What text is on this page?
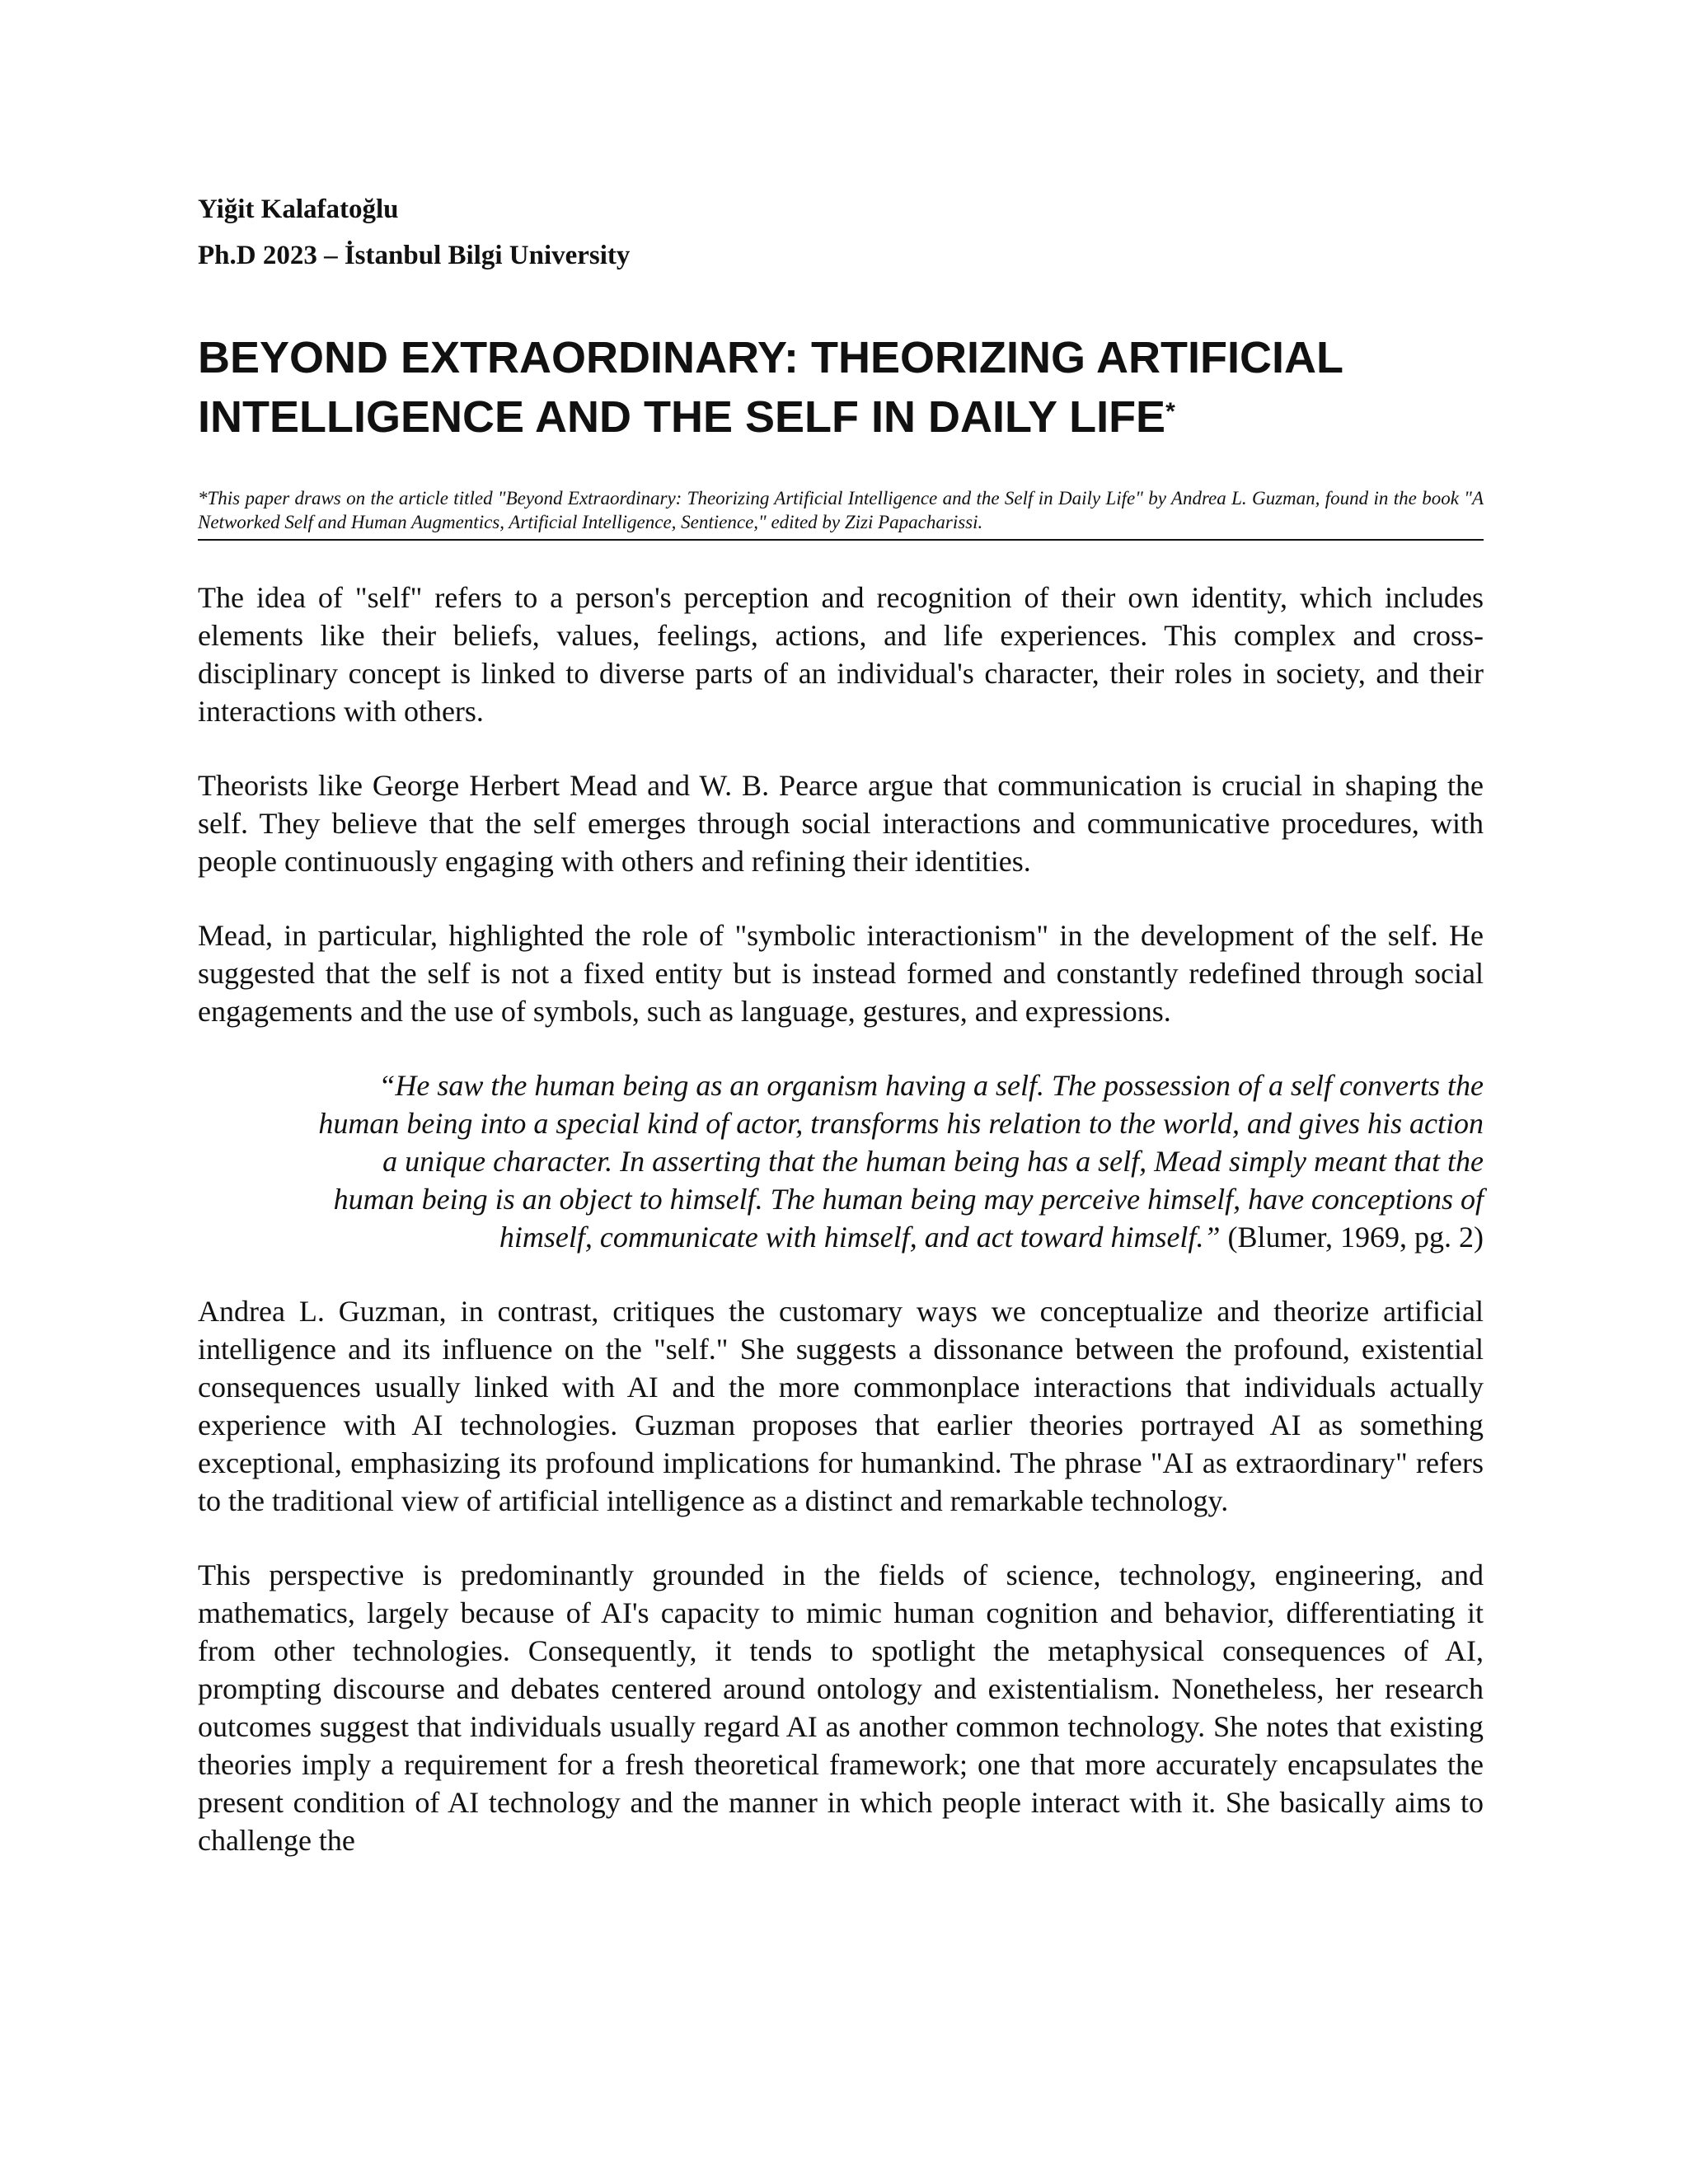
Yiğit Kalafatoğlu

Ph.D 2023 – İstanbul Bilgi University

BEYOND EXTRAORDINARY: THEORIZING ARTIFICIAL INTELLIGENCE AND THE SELF IN DAILY LIFE*

*This paper draws on the article titled "Beyond Extraordinary: Theorizing Artificial Intelligence and the Self in Daily Life" by Andrea L. Guzman, found in the book "A Networked Self and Human Augmentics, Artificial Intelligence, Sentience," edited by Zizi Papacharissi.

The idea of "self" refers to a person's perception and recognition of their own identity, which includes elements like their beliefs, values, feelings, actions, and life experiences. This complex and cross-disciplinary concept is linked to diverse parts of an individual's character, their roles in society, and their interactions with others.

Theorists like George Herbert Mead and W. B. Pearce argue that communication is crucial in shaping the self. They believe that the self emerges through social interactions and communicative procedures, with people continuously engaging with others and refining their identities.

Mead, in particular, highlighted the role of "symbolic interactionism" in the development of the self. He suggested that the self is not a fixed entity but is instead formed and constantly redefined through social engagements and the use of symbols, such as language, gestures, and expressions.

“He saw the human being as an organism having a self. The possession of a self converts the human being into a special kind of actor, transforms his relation to the world, and gives his action a unique character. In asserting that the human being has a self, Mead simply meant that the human being is an object to himself. The human being may perceive himself, have conceptions of himself, communicate with himself, and act toward himself.” (Blumer, 1969, pg. 2)

Andrea L. Guzman, in contrast, critiques the customary ways we conceptualize and theorize artificial intelligence and its influence on the "self." She suggests a dissonance between the profound, existential consequences usually linked with AI and the more commonplace interactions that individuals actually experience with AI technologies. Guzman proposes that earlier theories portrayed AI as something exceptional, emphasizing its profound implications for humankind. The phrase "AI as extraordinary" refers to the traditional view of artificial intelligence as a distinct and remarkable technology.

This perspective is predominantly grounded in the fields of science, technology, engineering, and mathematics, largely because of AI's capacity to mimic human cognition and behavior, differentiating it from other technologies. Consequently, it tends to spotlight the metaphysical consequences of AI, prompting discourse and debates centered around ontology and existentialism. Nonetheless, her research outcomes suggest that individuals usually regard AI as another common technology. She notes that existing theories imply a requirement for a fresh theoretical framework; one that more accurately encapsulates the present condition of AI technology and the manner in which people interact with it. She basically aims to challenge the
